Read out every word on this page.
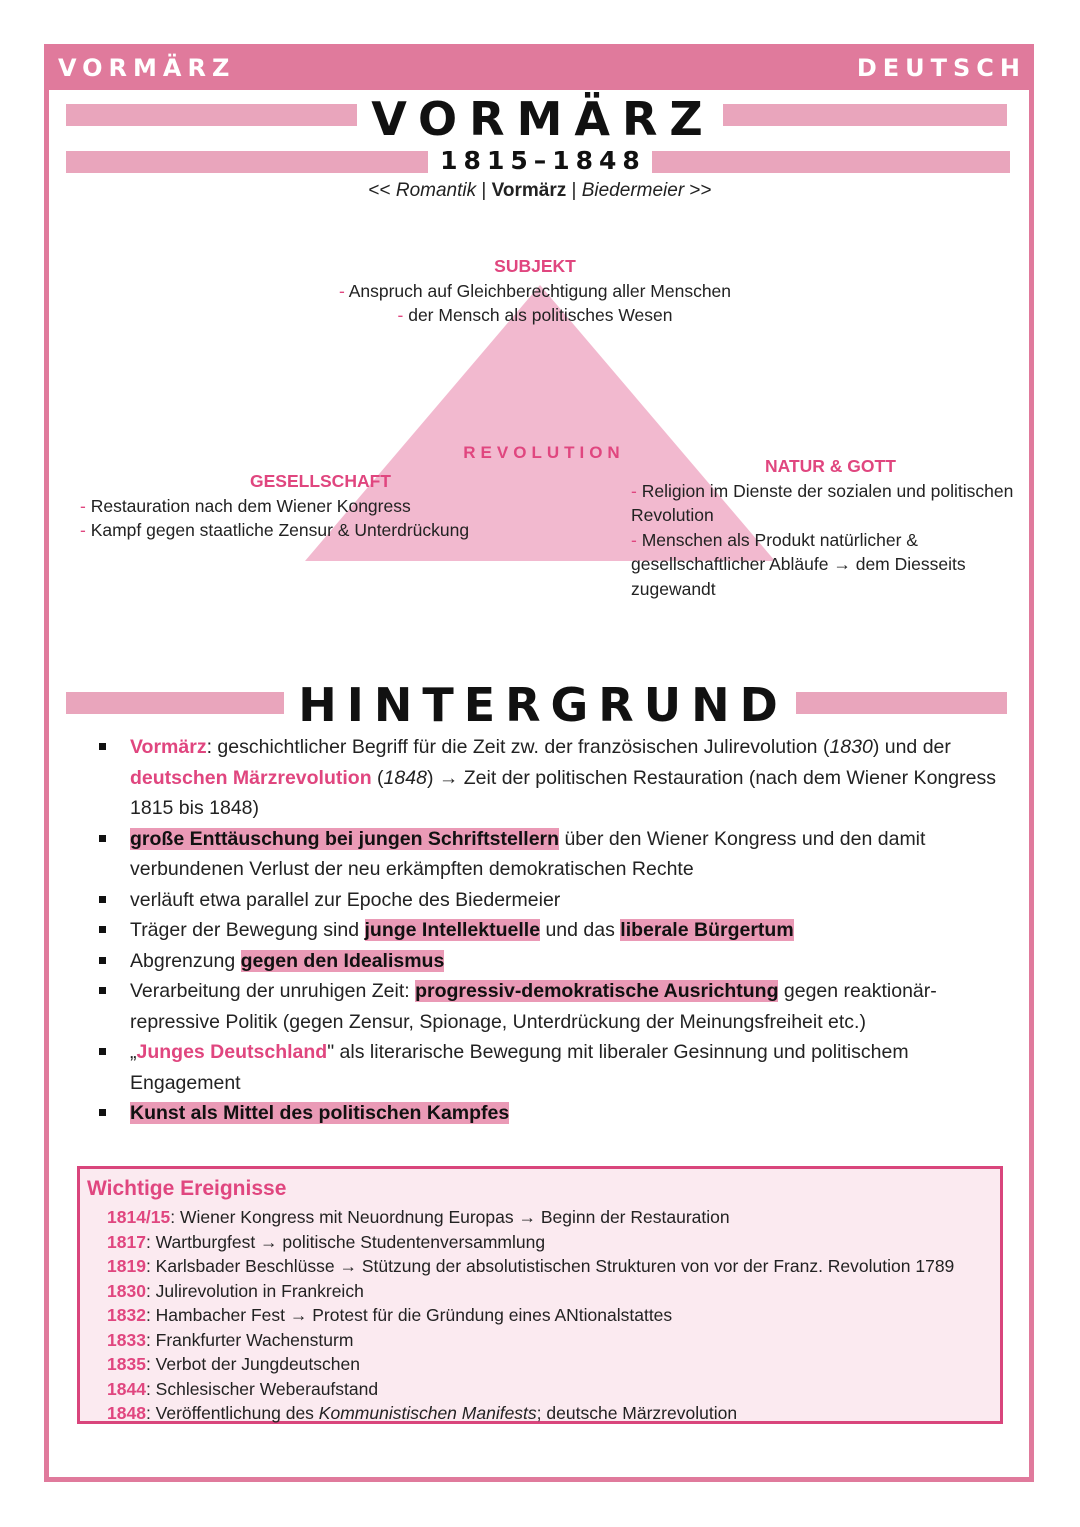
VORMÄRZ	DEUTSCH
VORMÄRZ
1815–1848
<< Romantik | Vormärz | Biedermeier >>
SUBJEKT
- Anspruch auf Gleichberechtigung aller Menschen
- der Mensch als politisches Wesen
REVOLUTION
GESELLSCHAFT
- Restauration nach dem Wiener Kongress
- Kampf gegen staatliche Zensur & Unterdrückung
NATUR & GOTT
- Religion im Dienste der sozialen und politischen Revolution
- Menschen als Produkt natürlicher & gesellschaftlicher Abläufe → dem Diesseits zugewandt
HINTERGRUND
Vormärz: geschichtlicher Begriff für die Zeit zw. der französischen Julirevolution (1830) und der deutschen Märzrevolution (1848) → Zeit der politischen Restauration (nach dem Wiener Kongress 1815 bis 1848)
große Enttäuschung bei jungen Schriftstellern über den Wiener Kongress und den damit verbundenen Verlust der neu erkämpften demokratischen Rechte
verläuft etwa parallel zur Epoche des Biedermeier
Träger der Bewegung sind junge Intellektuelle und das liberale Bürgertum
Abgrenzung gegen den Idealismus
Verarbeitung der unruhigen Zeit: progressiv-demokratische Ausrichtung gegen reaktionär-repressive Politik (gegen Zensur, Spionage, Unterdrückung der Meinungsfreiheit etc.)
„Junges Deutschland" als literarische Bewegung mit liberaler Gesinnung und politischem Engagement
Kunst als Mittel des politischen Kampfes
Wichtige Ereignisse
1814/15: Wiener Kongress mit Neuordnung Europas → Beginn der Restauration
1817: Wartburgfest → politische Studentenversammlung
1819: Karlsbader Beschlüsse → Stützung der absolutistischen Strukturen von vor der Franz. Revolution 1789
1830: Julirevolution in Frankreich
1832: Hambacher Fest → Protest für die Gründung eines ANtionalstattes
1833: Frankfurter Wachensturm
1835: Verbot der Jungdeutschen
1844: Schlesischer Weberaufstand
1848: Veröffentlichung des Kommunistischen Manifests; deutsche Märzrevolution
